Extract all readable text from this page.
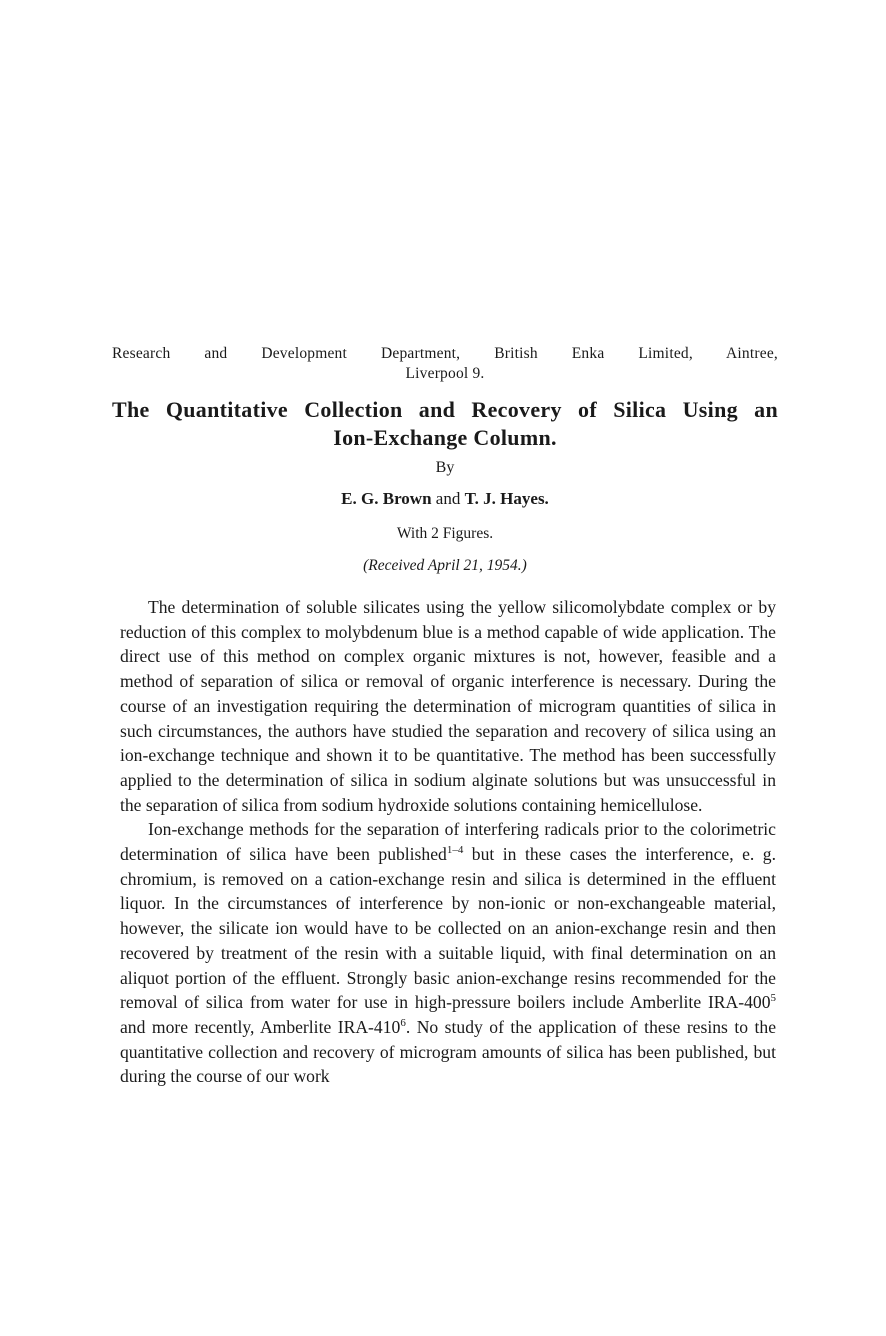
Research and Development Department, British Enka Limited, Aintree,
Liverpool 9.
The Quantitative Collection and Recovery of Silica Using an
Ion-Exchange Column.
By
E. G. Brown and T. J. Hayes.
With 2 Figures.
(Received April 21, 1954.)

The determination of soluble silicates using the yellow silicomolybdate complex or by reduction of this complex to molybdenum blue is a method capable of wide application. The direct use of this method on complex organic mixtures is not, however, feasible and a method of separation of silica or removal of organic interference is necessary. During the course of an investigation requiring the determination of microgram quantities of silica in such circumstances, the authors have studied the separation and recovery of silica using an ion-exchange technique and shown it to be quantitative. The method has been successfully applied to the determination of silica in sodium alginate solutions but was unsuccessful in the separation of silica from sodium hydroxide solutions containing hemicellulose.

Ion-exchange methods for the separation of interfering radicals prior to the colorimetric determination of silica have been published$^{1-4}$ but in these cases the interference, e. g. chromium, is removed on a cation-exchange resin and silica is determined in the effluent liquor. In the circumstances of interference by non-ionic or non-exchangeable material, however, the silicate ion would have to be collected on an anion-exchange resin and then recovered by treatment of the resin with a suitable liquid, with final determination on an aliquot portion of the effluent. Strongly basic anion-exchange resins recommended for the removal of silica from water for use in high-pressure boilers include Amberlite IRA-$400^5$ and more recently, Amberlite IRA-$410^6$. No study of the application of these resins to the quantitative collection and recovery of microgram amounts of silica has been published, but during the course of our work
